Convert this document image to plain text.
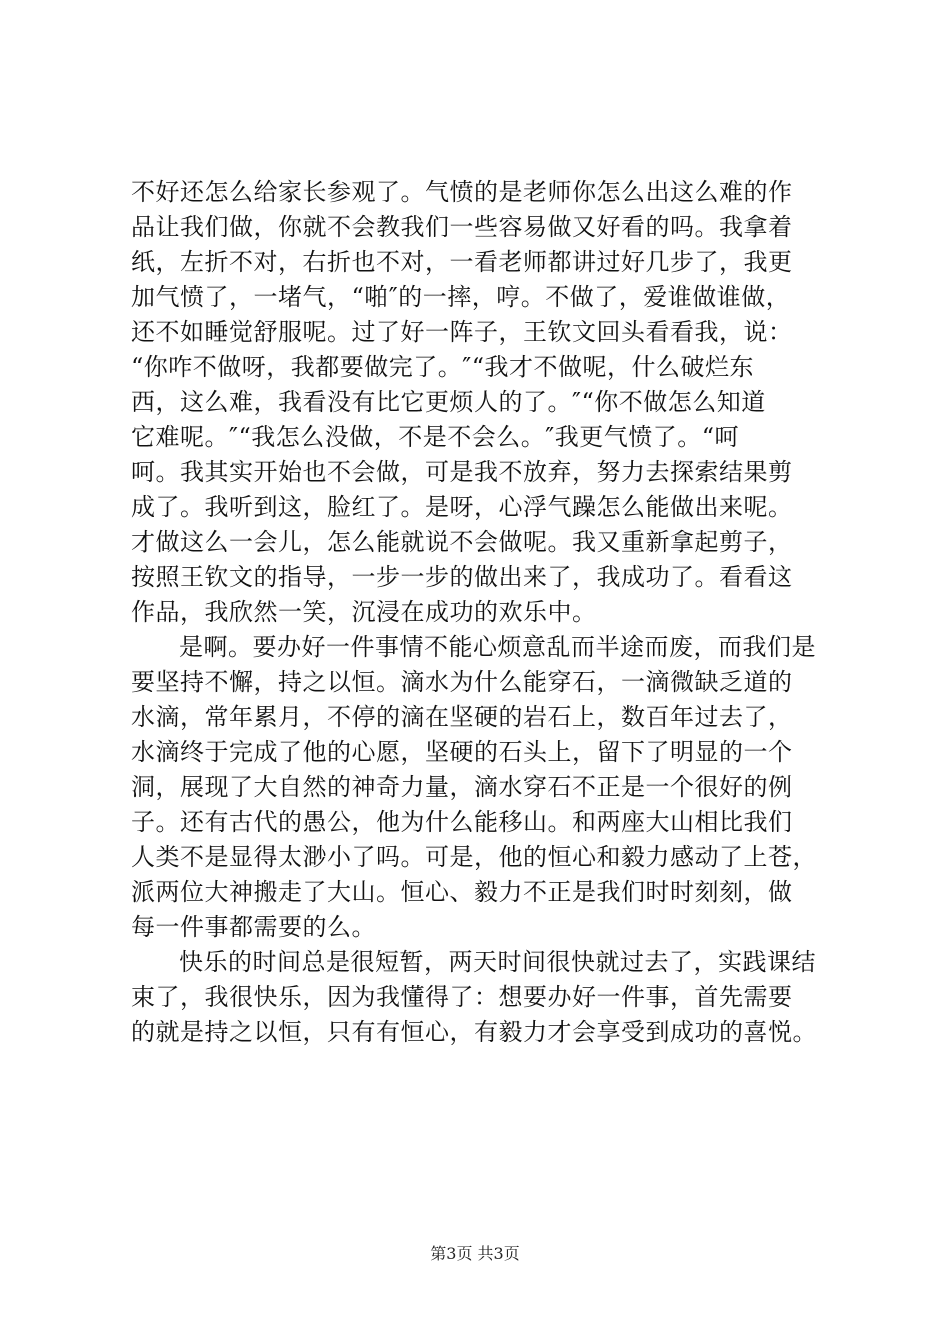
不好还怎么给家长参观了。气愤的是老师你怎么出这么难的作
品让我们做，你就不会教我们一些容易做又好看的吗。我拿着
纸，左折不对，右折也不对，一看老师都讲过好几步了，我更
加气愤了，一堵气，“啪″的一摔，哼。不做了，爱谁做谁做，
还不如睡觉舒服呢。过了好一阵子，王钦文回头看看我，说：
“你咋不做呀，我都要做完了。″“我才不做呢，什么破烂东
西，这么难，我看没有比它更烦人的了。″“你不做怎么知道
它难呢。″“我怎么没做，不是不会么。″我更气愤了。“呵
呵。我其实开始也不会做，可是我不放弃，努力去探索结果剪
成了。我听到这，脸红了。是呀，心浮气躁怎么能做出来呢。
才做这么一会儿，怎么能就说不会做呢。我又重新拿起剪子，
按照王钦文的指导，一步一步的做出来了，我成功了。看看这
作品，我欣然一笑，沉浸在成功的欢乐中。
是啊。要办好一件事情不能心烦意乱而半途而废，而我们是
要坚持不懈，持之以恒。滴水为什么能穿石，一滴微缺乏道的
水滴，常年累月，不停的滴在坚硬的岩石上，数百年过去了，
水滴终于完成了他的心愿，坚硬的石头上，留下了明显的一个
洞，展现了大自然的神奇力量，滴水穿石不正是一个很好的例
子。还有古代的愚公，他为什么能移山。和两座大山相比我们
人类不是显得太渺小了吗。可是，他的恒心和毅力感动了上苍，
派两位大神搬走了大山。恒心、毅力不正是我们时时刻刻，做
每一件事都需要的么。
快乐的时间总是很短暂，两天时间很快就过去了，实践课结
束了，我很快乐，因为我懂得了：想要办好一件事，首先需要
的就是持之以恒，只有有恒心，有毅力才会享受到成功的喜悦。
第3页 共3页
